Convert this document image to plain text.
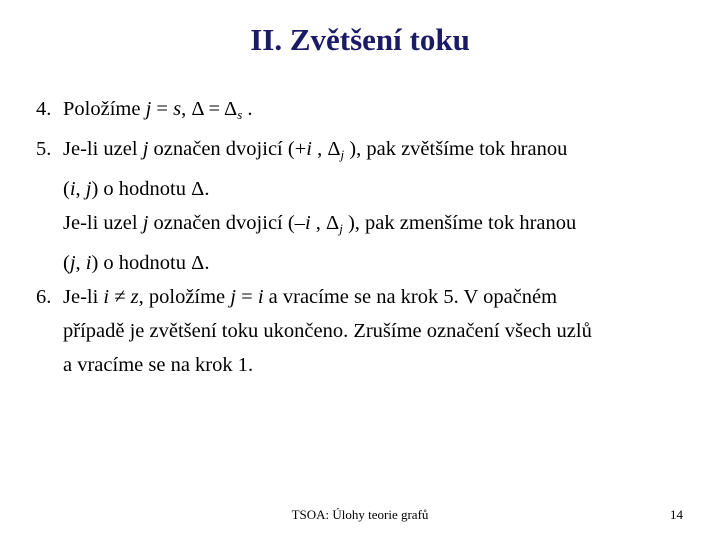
II. Zvětšení toku
4. Položíme j = s, $\Delta = \Delta_s$ .
5. Je-li uzel j označen dvojicí (+i , $\Delta_j$ ), pak zvětšíme tok hranou
(i, j) o hodnotu Δ.
Je-li uzel j označen dvojicí (–i , $\Delta_j$ ), pak zmenšíme tok hranou
(j, i) o hodnotu Δ.
6. Je-li i ≠ z, položíme j = i a vracíme se na krok 5. V opačném
případě je zvětšení toku ukončeno. Zrušíme označení všech uzlů
a vracíme se na krok 1.
TSOA: Úlohy teorie grafů	14
